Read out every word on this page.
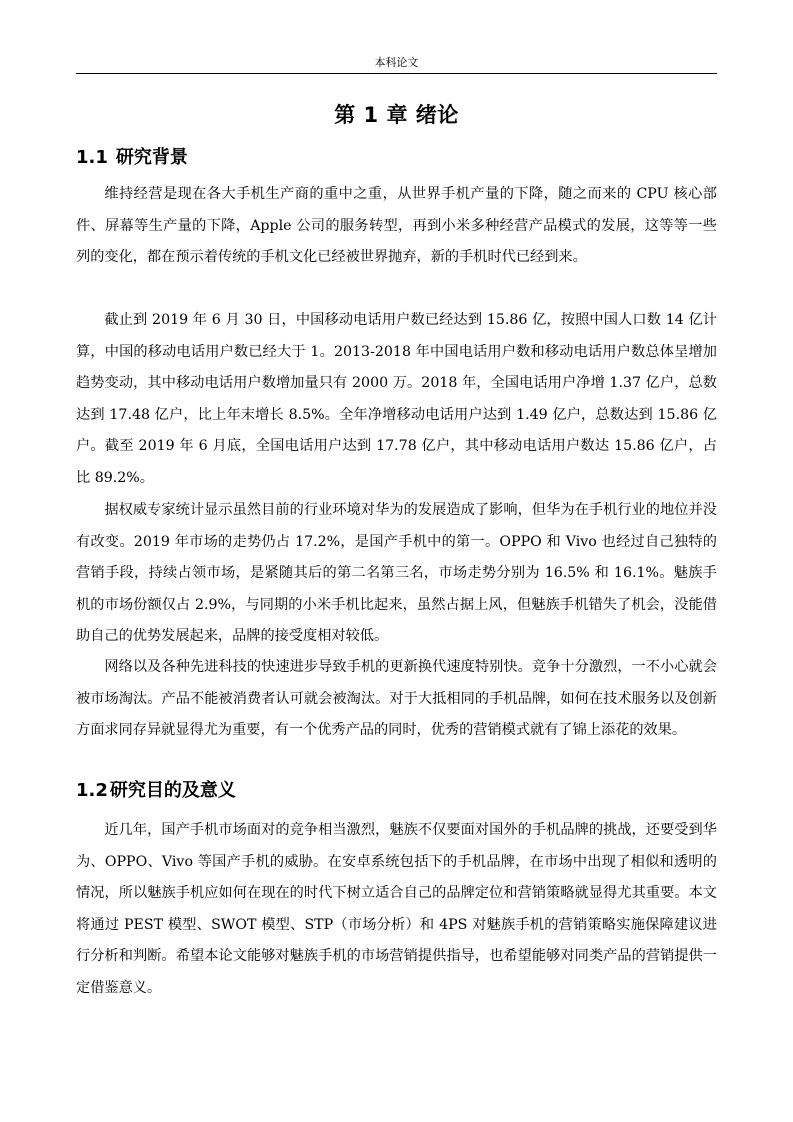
本科论文
第 1 章 绪论
1.1 研究背景

维持经营是现在各大手机生产商的重中之重，从世界手机产量的下降，随之而来的 CPU 核心部件、屏幕等生产量的下降，Apple 公司的服务转型，再到小米多种经营产品模式的发展，这等等一些列的变化，都在预示着传统的手机文化已经被世界抛弃，新的手机时代已经到来。

截止到 2019 年 6 月 30 日，中国移动电话用户数已经达到 15.86 亿，按照中国人口数 14 亿计算，中国的移动电话用户数已经大于 1。2013-2018 年中国电话用户数和移动电话用户数总体呈增加趋势变动，其中移动电话用户数增加量只有 2000 万。2018 年，全国电话用户净增 1.37 亿户，总数达到 17.48 亿户，比上年末增长 8.5%。全年净增移动电话用户达到 1.49 亿户，总数达到 15.86 亿户。截至 2019 年 6 月底，全国电话用户达到 17.78 亿户，其中移动电话用户数达 15.86 亿户，占比 89.2%。

据权威专家统计显示虽然目前的行业环境对华为的发展造成了影响，但华为在手机行业的地位并没有改变。2019 年市场的走势仍占 17.2%，是国产手机中的第一。OPPO 和 Vivo 也经过自己独特的营销手段，持续占领市场，是紧随其后的第二名第三名，市场走势分别为 16.5% 和 16.1%。魅族手机的市场份额仅占 2.9%，与同期的小米手机比起来，虽然占据上风，但魅族手机错失了机会，没能借助自己的优势发展起来，品牌的接受度相对较低。

网络以及各种先进科技的快速进步导致手机的更新换代速度特别快。竞争十分激烈，一不小心就会被市场淘汰。产品不能被消费者认可就会被淘汰。对于大抵相同的手机品牌，如何在技术服务以及创新方面求同存异就显得尤为重要，有一个优秀产品的同时，优秀的营销模式就有了锦上添花的效果。

1.2 研究目的及意义

近几年，国产手机市场面对的竞争相当激烈，魅族不仅要面对国外的手机品牌的挑战，还要受到华为、OPPO、Vivo 等国产手机的威胁。在安卓系统包括下的手机品牌，在市场中出现了相似和透明的情况，所以魅族手机应如何在现在的时代下树立适合自己的品牌定位和营销策略就显得尤其重要。本文将通过 PEST 模型、SWOT 模型、STP（市场分析）和 4PS 对魅族手机的营销策略实施保障建议进行分析和判断。希望本论文能够对魅族手机的市场营销提供指导，也希望能够对同类产品的营销提供一定借鉴意义。
